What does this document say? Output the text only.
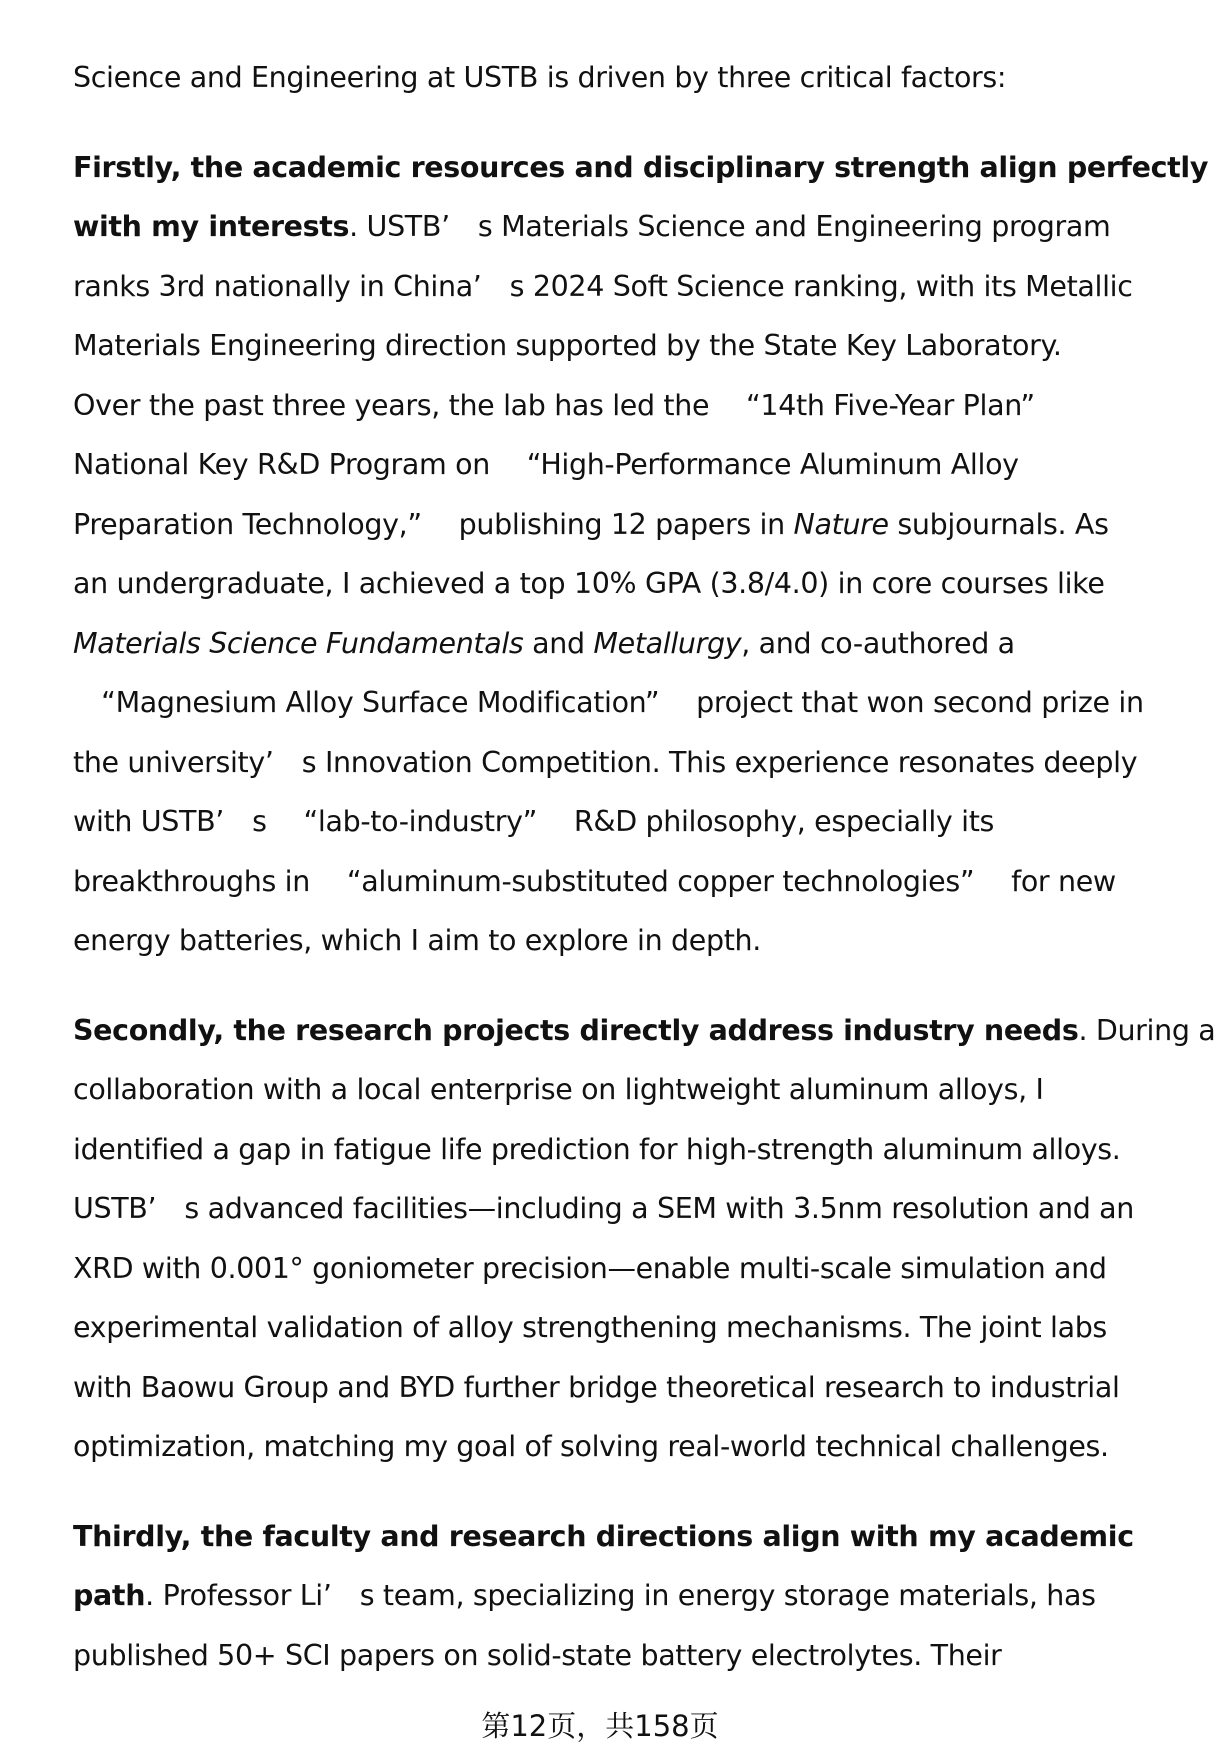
Science and Engineering at USTB is driven by three critical factors:

Firstly, the academic resources and disciplinary strength align perfectly
with my interests. USTB’　s Materials Science and Engineering program
ranks 3rd nationally in China’　s 2024 Soft Science ranking, with its Metallic
Materials Engineering direction supported by the State Key Laboratory.
Over the past three years, the lab has led the 　“14th Five-Year Plan”
National Key R&D Program on 　“High-Performance Aluminum Alloy
Preparation Technology,” 　publishing 12 papers in Nature subjournals. As
an undergraduate, I achieved a top 10% GPA (3.8/4.0) in core courses like
Materials Science Fundamentals and Metallurgy, and co-authored a
　“Magnesium Alloy Surface Modification” 　project that won second prize in
the university’　s Innovation Competition. This experience resonates deeply
with USTB’　s 　“lab-to-industry” 　R&D philosophy, especially its
breakthroughs in 　“aluminum-substituted copper technologies” 　for new
energy batteries, which I aim to explore in depth.

Secondly, the research projects directly address industry needs. During a
collaboration with a local enterprise on lightweight aluminum alloys, I
identified a gap in fatigue life prediction for high-strength aluminum alloys.
USTB’　s advanced facilities—including a SEM with 3.5nm resolution and an
XRD with 0.001° goniometer precision—enable multi-scale simulation and
experimental validation of alloy strengthening mechanisms. The joint labs
with Baowu Group and BYD further bridge theoretical research to industrial
optimization, matching my goal of solving real-world technical challenges.

Thirdly, the faculty and research directions align with my academic
path. Professor Li’　s team, specializing in energy storage materials, has
published 50+ SCI papers on solid-state battery electrolytes. Their

第12页，共158页
